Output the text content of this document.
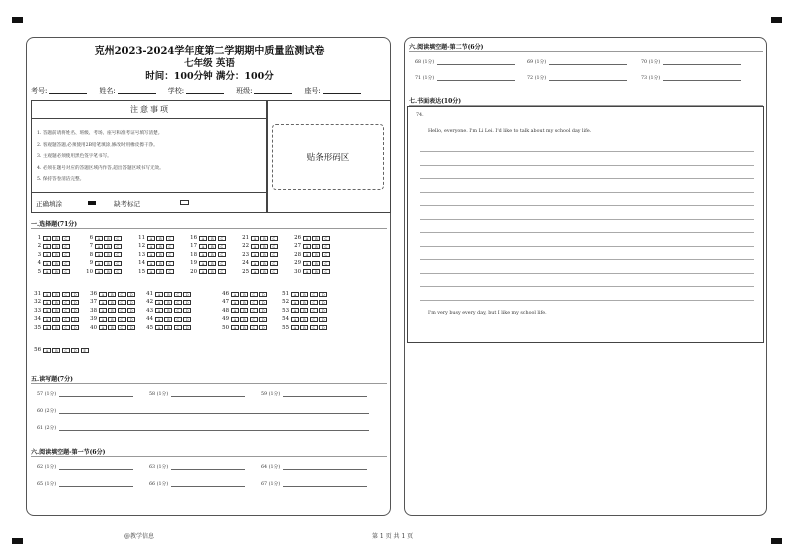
克州2023-2024学年度第二学期期中质量监测试卷
七年级 英语
时间：100分钟 满分：100分
考号:	姓名:	学校:	班级:	座号:
注意事项
1. 答题前请将姓名、班级、考场、座号和准考证号填写清楚。
2. 客观题答题,必须使用2B铅笔填涂,修改时用橡皮擦干净。
3. 主观题必须使用黑色签字笔书写。
4. 必须在题号对应的答题区域内作答,超出答题区域书写无效。
5. 保持答卷清洁完整。
正确填涂	缺考标记
贴条形码区
一.选择题(71分)
1	A	B	C
2	A	B	C
3	A	B	C
4	A	B	C
5	A	B	C
6	A	B	C
7	A	B	C
8	A	B	C
9	A	B	C
10	A	B	C
11	A	B	C
12	A	B	C
13	A	B	C
14	A	B	C
15	A	B	C
16	A	B	C
17	A	B	C
18	A	B	C
19	A	B	C
20	A	B	C
21	A	B	C
22	A	B	C
23	A	B	C
24	A	B	C
25	A	B	C
26	A	B	C
27	A	B	C
28	A	B	C
29	A	B	C
30	A	B	C
31	A	B	C	D
32	A	B	C	D
33	A	B	C	D
34	A	B	C	D
35	A	B	C	D
36	A	B	C	D
37	A	B	C	D
38	A	B	C	D
39	A	B	C	D
40	A	B	C	D
41	A	B	C	D
42	A	B	C	D
43	A	B	C	D
44	A	B	C	D
45	A	B	C	D
46	A	B	C	D
47	A	B	C	D
48	A	B	C	D
49	A	B	C	D
50	A	B	C	D
51	A	B	C	D
52	A	B	C	D
53	A	B	C	D
54	A	B	C	D
55	A	B	C	D
56	A	B	C	D	E
五.读写题(7分)
57 (1分)	58 (1分)	59 (1分)
60 (2分)
61 (2分)
六.阅读填空题-第一节(6分)
62 (1分)	63 (1分)	64 (1分)
65 (1分)	66 (1分)	67 (1分)
六.阅读填空题-第二节(6分)
68 (1分)	69 (1分)	70 (1分)
71 (1分)	72 (1分)	73 (1分)
七.书面表达(10分)
74.
Hello, everyone. I'm Li Lei. I'd like to talk about my school day life.
I'm very busy every day, but I like my school life.
@教学信息	第 1 页 共 1 页
